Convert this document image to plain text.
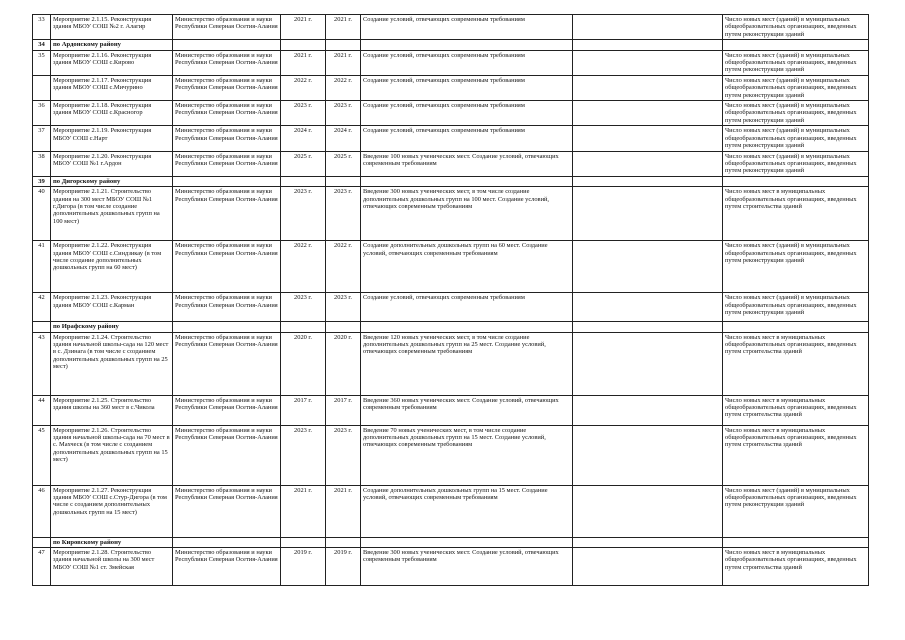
33	Мероприятие 2.1.15. Реконструкция здания МБОУ СОШ №2 г. Алагир	Министерство образования и науки Республики Северная Осетия-Алания	2021 г.	2021 г.	Создание условий, отвечающих современным требованиям		Число новых мест (зданий) в муниципальных общеобразовательных организациях, введенных путем реконструкции зданий
34	по Ардонскому району						
35	Мероприятие 2.1.16. Реконструкция здания МБОУ СОШ с.Кирово	Министерство образования и науки Республики Северная Осетия-Алания	2021 г.	2021 г.	Создание условий, отвечающих современным требованиям		Число новых мест (зданий) в муниципальных общеобразовательных организациях, введенных путем реконструкции зданий
	Мероприятие 2.1.17. Реконструкция здания МБОУ СОШ с.Мичурино	Министерство образования и науки Республики Северная Осетия-Алания	2022 г.	2022 г.	Создание условий, отвечающих современным требованиям		Число новых мест (зданий) в муниципальных общеобразовательных организациях, введенных путем реконструкции зданий
36	Мероприятие 2.1.18. Реконструкция здания МБОУ СОШ с.Красногор	Министерство образования и науки Республики Северная Осетия-Алания	2023 г.	2023 г.	Создание условий, отвечающих современным требованиям		Число новых мест (зданий) в муниципальных общеобразовательных организациях, введенных путем реконструкции зданий
37	Мероприятие 2.1.19. Реконструкция МБОУ СОШ с.Нарт	Министерство образования и науки Республики Северная Осетия-Алания	2024 г.	2024 г.	Создание условий, отвечающих современным требованиям		Число новых мест (зданий) в муниципальных общеобразовательных организациях, введенных путем реконструкции зданий
38	Мероприятие 2.1.20. Реконструкция МБОУ СОШ №1 г.Ардон	Министерство образования и науки Республики Северная Осетия-Алания	2025 г.	2025 г.	Введение 100 новых ученических мест. Создание условий, отвечающих современным требованиям		Число новых мест (зданий) в муниципальных общеобразовательных организациях, введенных путем реконструкции зданий
39	по Дигорскому району						
40	Мероприятие 2.1.21. Строительство здания на 300 мест МБОУ СОШ №1 г.Дигора (в том числе создание дополнительных дошкольных групп на 100 мест)	Министерство образования и науки Республики Северная Осетия-Алания	2023 г.	2023 г.	Введение 300 новых ученических мест, в том числе создание дополнительных дошкольных групп на 100 мест. Создание условий, отвечающих современным требованиям		Число новых мест в муниципальных общеобразовательных организациях, введенных путем строительства зданий
41	Мероприятие 2.1.22. Реконструкция здания МБОУ СОШ с.Синдзикау (в том числе создание дополнительных дошкольных групп на 60 мест)	Министерство образования и науки Республики Северная Осетия-Алания	2022 г.	2022 г.	Создание дополнительных дошкольных групп на 60 мест. Создание условий, отвечающих современным требованиям		Число новых мест (зданий) в муниципальных общеобразовательных организациях, введенных путем реконструкции зданий
42	Мероприятие 2.1.23. Реконструкция здания МБОУ СОШ с.Карман	Министерство образования и науки Республики Северная Осетия-Алания	2023 г.	2023 г.	Создание условий, отвечающих современным требованиям		Число новых мест (зданий) в муниципальных общеобразовательных организациях, введенных путем реконструкции зданий
	по Ирафскому району						
43	Мероприятие 2.1.24. Строительство здания начальной школы-сада на 120 мест в с. Дзинага (в том числе с созданием дополнительных дошкольных групп на 25 мест)	Министерство образования и науки Республики Северная Осетия-Алания	2020 г.	2020 г.	Введение 120 новых ученических мест, в том числе создание дополнительных дошкольных групп на 25 мест. Создание условий, отвечающих современным требованиям		Число новых мест в муниципальных общеобразовательных организациях, введенных путем строительства зданий
44	Мероприятие 2.1.25. Строительство здания школы на 360 мест в с.Чикола	Министерство образования и науки Республики Северная Осетия-Алания	2017 г.	2017 г.	Введение 360 новых ученических мест. Создание условий, отвечающих современным требованиям		Число новых мест в муниципальных общеобразовательных организациях, введенных путем строительства зданий
45	Мероприятие 2.1.26. Строительство здания начальной школы-сада на 70 мест в с. Махческ (в том числе с созданием дополнительных дошкольных групп на 15 мест)	Министерство образования и науки Республики Северная Осетия-Алания	2023 г.	2023 г.	Введение 70 новых ученических мест, в том числе создание дополнительных дошкольных групп на 15 мест. Создание условий, отвечающих современным требованиям		Число новых мест в муниципальных общеобразовательных организациях, введенных путем строительства зданий
46	Мероприятие 2.1.27. Реконструкция здания МБОУ СОШ с.Стур-Дигора (в том числе с созданием дополнительных дошкольных групп на 15 мест)	Министерство образования и науки Республики Северная Осетия-Алания	2021 г.	2021 г.	Создание дополнительных дошкольных групп на 15 мест. Создание условий, отвечающих современным требованиям		Число новых мест (зданий) в муниципальных общеобразовательных организациях, введенных путем реконструкции зданий
	по Кировскому району						
47	Мероприятие 2.1.28. Строительство здания начальной школы на 300 мест МБОУ СОШ №1 ст. Змейская	Министерство образования и науки Республики Северная Осетия-Алания	2019 г.	2019 г.	Введение 300 новых ученических мест. Создание условий, отвечающих современным требованиям		Число новых мест в муниципальных общеобразовательных организациях, введенных путем строительства зданий
